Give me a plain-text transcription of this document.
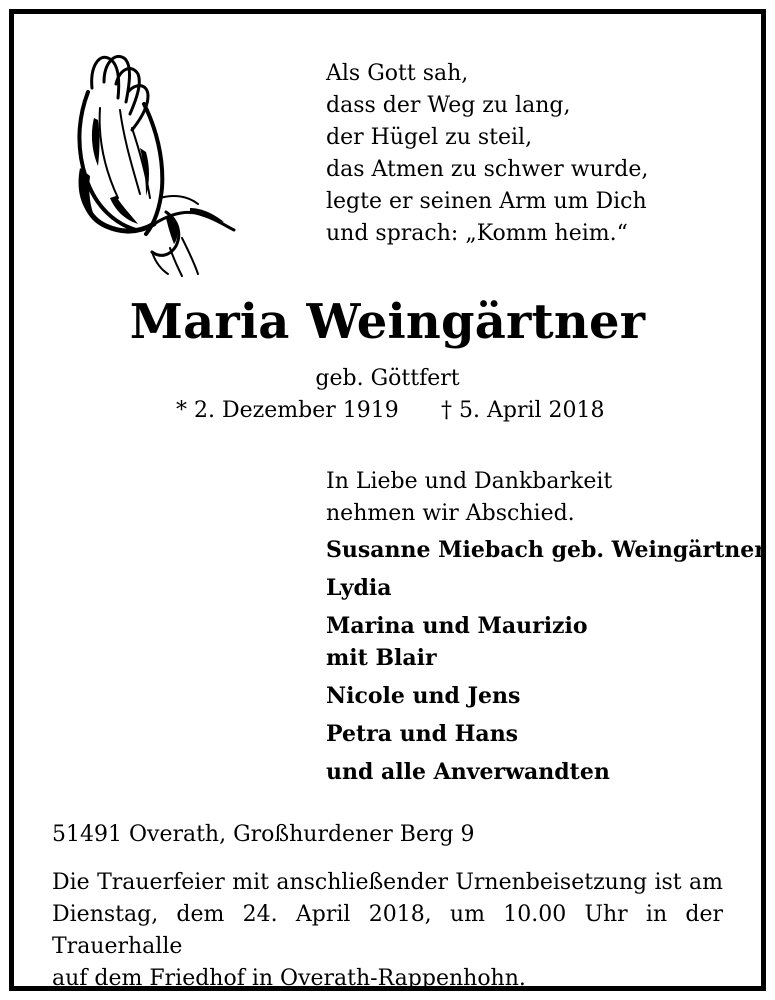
Als Gott sah,
dass der Weg zu lang,
der Hügel zu steil,
das Atmen zu schwer wurde,
legte er seinen Arm um Dich
und sprach: „Komm heim.“
Maria Weingärtner
geb. Göttfert
* 2. Dezember 1919 † 5. April 2018
In Liebe und Dankbarkeit
nehmen wir Abschied.
Susanne Miebach geb. Weingärtner
Lydia
Marina und Maurizio
mit Blair
Nicole und Jens
Petra und Hans
und alle Anverwandten
51491 Overath, Großhurdener Berg 9
Die Trauerfeier mit anschließender Urnenbeisetzung ist am
Dienstag, dem 24. April 2018, um 10.00 Uhr in der Trauerhalle
auf dem Friedhof in Overath-Rappenhohn.
